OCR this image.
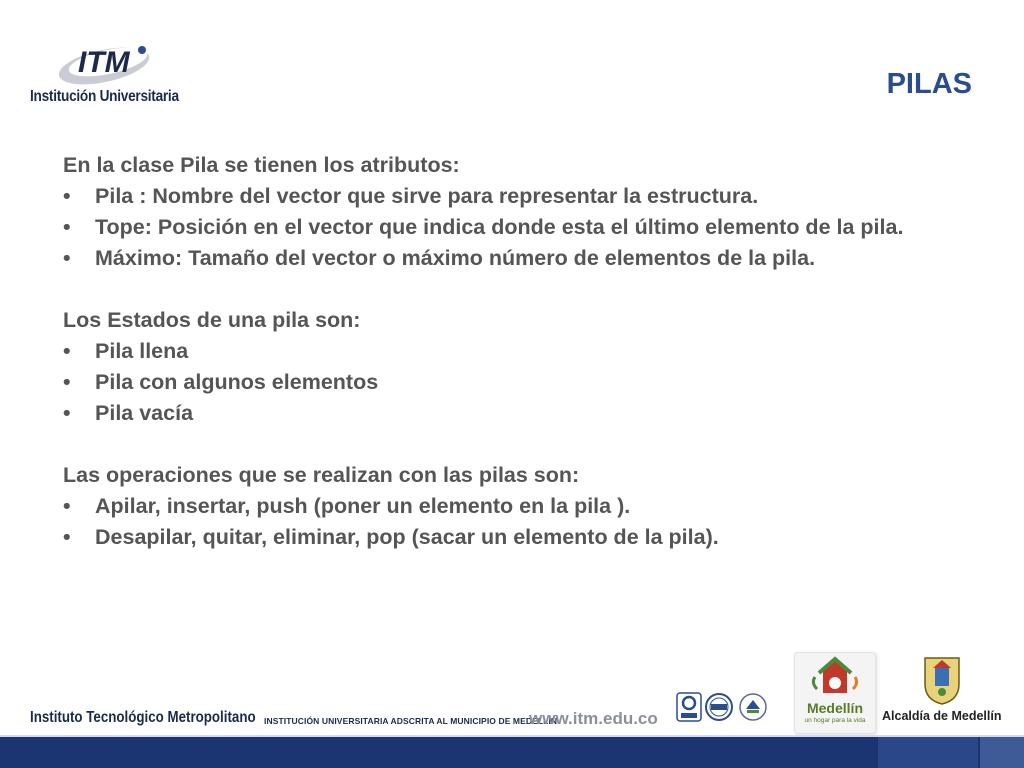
ITM
Institución Universitaria	PILAS

En la clase Pila se tienen los atributos:

•	Pila : Nombre del vector que sirve para representar la estructura.
•	Tope: Posición en el vector que indica donde esta el último elemento de la pila.
•	Máximo: Tamaño del vector o máximo número de elementos de la pila.

Los Estados de una pila son:

•	Pila llena
•	Pila con algunos elementos
•	Pila vacía

Las operaciones que se realizan con las pilas son:

•	Apilar, insertar, push (poner un elemento en la pila ).
•	Desapilar, quitar, eliminar, pop (sacar un elemento de la pila).
Instituto Tecnológico Metropolitano INSTITUCIÓN UNIVERSITARIA ADSCRITA AL MUNICIPIO DE MEDELLÍN
www.itm.edu.co
Medellín
un hogar para la vida	Alcaldía de Medellín
